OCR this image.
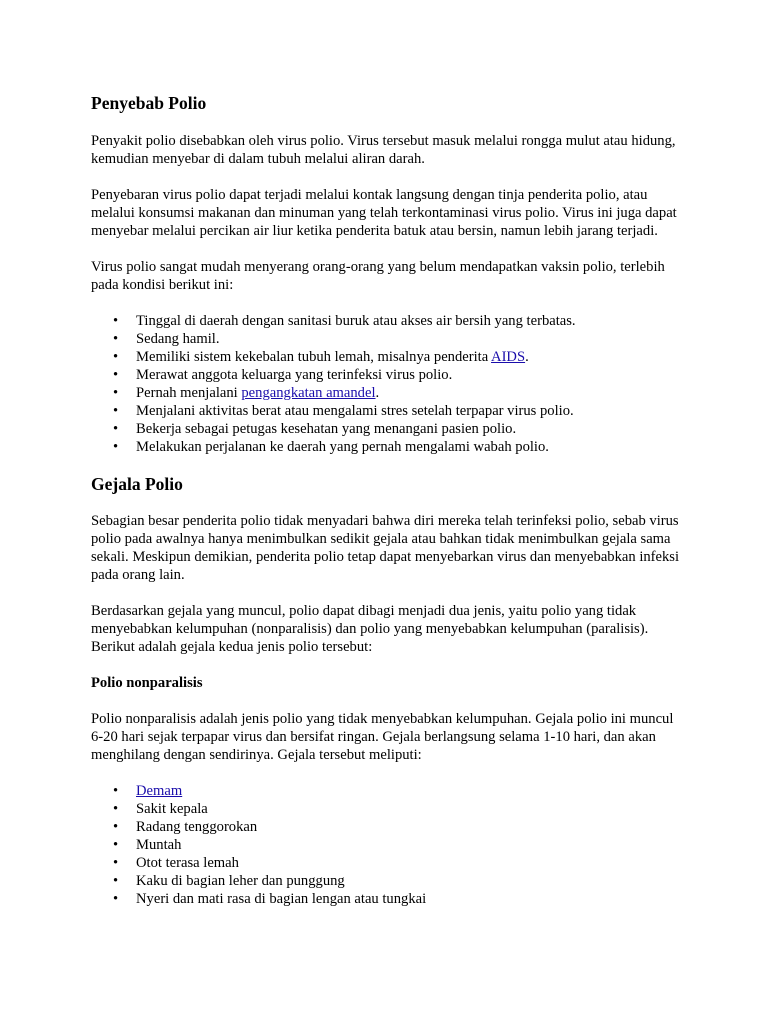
Penyebab Polio

Penyakit polio disebabkan oleh virus polio. Virus tersebut masuk melalui rongga mulut atau hidung, kemudian menyebar di dalam tubuh melalui aliran darah.

Penyebaran virus polio dapat terjadi melalui kontak langsung dengan tinja penderita polio, atau melalui konsumsi makanan dan minuman yang telah terkontaminasi virus polio. Virus ini juga dapat menyebar melalui percikan air liur ketika penderita batuk atau bersin, namun lebih jarang terjadi.

Virus polio sangat mudah menyerang orang-orang yang belum mendapatkan vaksin polio, terlebih pada kondisi berikut ini:

• Tinggal di daerah dengan sanitasi buruk atau akses air bersih yang terbatas.
• Sedang hamil.
• Memiliki sistem kekebalan tubuh lemah, misalnya penderita AIDS.
• Merawat anggota keluarga yang terinfeksi virus polio.
• Pernah menjalani pengangkatan amandel.
• Menjalani aktivitas berat atau mengalami stres setelah terpapar virus polio.
• Bekerja sebagai petugas kesehatan yang menangani pasien polio.
• Melakukan perjalanan ke daerah yang pernah mengalami wabah polio.
Gejala Polio

Sebagian besar penderita polio tidak menyadari bahwa diri mereka telah terinfeksi polio, sebab virus polio pada awalnya hanya menimbulkan sedikit gejala atau bahkan tidak menimbulkan gejala sama sekali. Meskipun demikian, penderita polio tetap dapat menyebarkan virus dan menyebabkan infeksi pada orang lain.

Berdasarkan gejala yang muncul, polio dapat dibagi menjadi dua jenis, yaitu polio yang tidak menyebabkan kelumpuhan (nonparalisis) dan polio yang menyebabkan kelumpuhan (paralisis). Berikut adalah gejala kedua jenis polio tersebut:

Polio nonparalisis

Polio nonparalisis adalah jenis polio yang tidak menyebabkan kelumpuhan. Gejala polio ini muncul 6-20 hari sejak terpapar virus dan bersifat ringan. Gejala berlangsung selama 1-10 hari, dan akan menghilang dengan sendirinya. Gejala tersebut meliputi:

• Demam
• Sakit kepala
• Radang tenggorokan
• Muntah
• Otot terasa lemah
• Kaku di bagian leher dan punggung
• Nyeri dan mati rasa di bagian lengan atau tungkai
